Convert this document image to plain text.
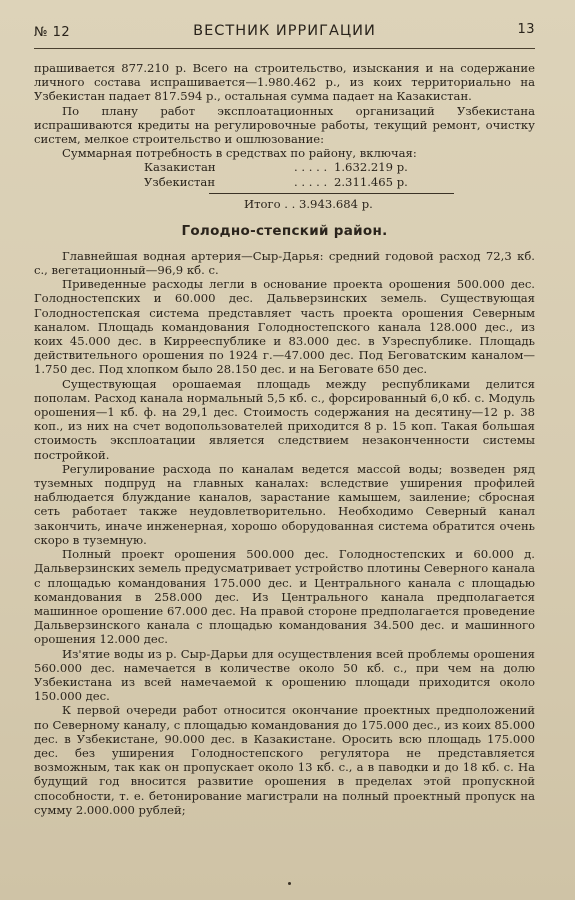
№ 12	ВЕСТНИК ИРРИГАЦИИ	13

прашивается 877.210 р. Всего на строительство, изыскания и на содержание личного состава испрашивается—1.980.462 р., из коих территориально на Узбекистан падает 817.594 р., остальная сумма падает на Казакистан.

По плану работ эксплоатационных организаций Узбекистана испрашиваются кредиты на регулировочные работы, текущий ремонт, очистку систем, мелкое строительство и ошлюзование:

Суммарная потребность в средствах по району, включая:

Казакистан	. . . . . 1.632.219 р.
Узбекистан	. . . . . 2.311.465 р.
Итого . . 3.943.684 р.
Голодно-степский район.

Главнейшая водная артерия—Сыр-Дарья: средний годовой расход 72,3 кб. с., вегетационный—96,9 кб. с.

Приведенные расходы легли в основание проекта орошения 500.000 дес. Голодностепских и 60.000 дес. Дальверзинских земель. Существующая Голодностепская система представляет часть проекта орошения Северным каналом. Площадь командования Голодностепского канала 128.000 дес., из коих 45.000 дес. в Киррееспублике и 83.000 дес. в Узреспублике. Площадь действительного орошения по 1924 г.—47.000 дес. Под Беговатским каналом—1.750 дес. Под хлопком было 28.150 дес. и на Беговате 650 дес.

Существующая орошаемая площадь между республиками делится пополам. Расход канала нормальный 5,5 кб. с., форсированный 6,0 кб. с. Модуль орошения—1 кб. ф. на 29,1 дес. Стоимость содержания на десятину—12 р. 38 коп., из них на счет водопользователей приходится 8 р. 15 коп. Такая большая стоимость эксплоатации является следствием незаконченности системы постройкой.

Регулирование расхода по каналам ведется массой воды; возведен ряд туземных подпруд на главных каналах: вследствие уширения профилей наблюдается блуждание каналов, зарастание камышем, заиление; сбросная сеть работает также неудовлетворительно. Необходимо Северный канал закончить, иначе инженерная, хорошо оборудованная система обратится очень скоро в туземную.

Полный проект орошения 500.000 дес. Голодностепских и 60.000 д. Дальверзинских земель предусматривает устройство плотины Северного канала с площадью командования 175.000 дес. и Центрального канала с площадью командования в 258.000 дес. Из Центрального канала предполагается машинное орошение 67.000 дес. На правой стороне предполагается проведение Дальверзинского канала с площадью командования 34.500 дес. и машинного орошения 12.000 дес.

Из'ятие воды из р. Сыр-Дарьи для осуществления всей проблемы орошения 560.000 дес. намечается в количестве около 50 кб. с., при чем на долю Узбекистана из всей намечаемой к орошению площади приходится около 150.000 дес.

К первой очереди работ относится окончание проектных предположений по Северному каналу, с площадью командования до 175.000 дес., из коих 85.000 дес. в Узбекистане, 90.000 дес. в Казакистане. Оросить всю площадь 175.000 дес. без уширения Голодностепского регулятора не представляется возможным, так как он пропускает около 13 кб. с., а в паводки и до 18 кб. с. На будущий год вносится развитие орошения в пределах этой пропускной способности, т. е. бетонирование магистрали на полный проектный пропуск на сумму 2.000.000 рублей;
